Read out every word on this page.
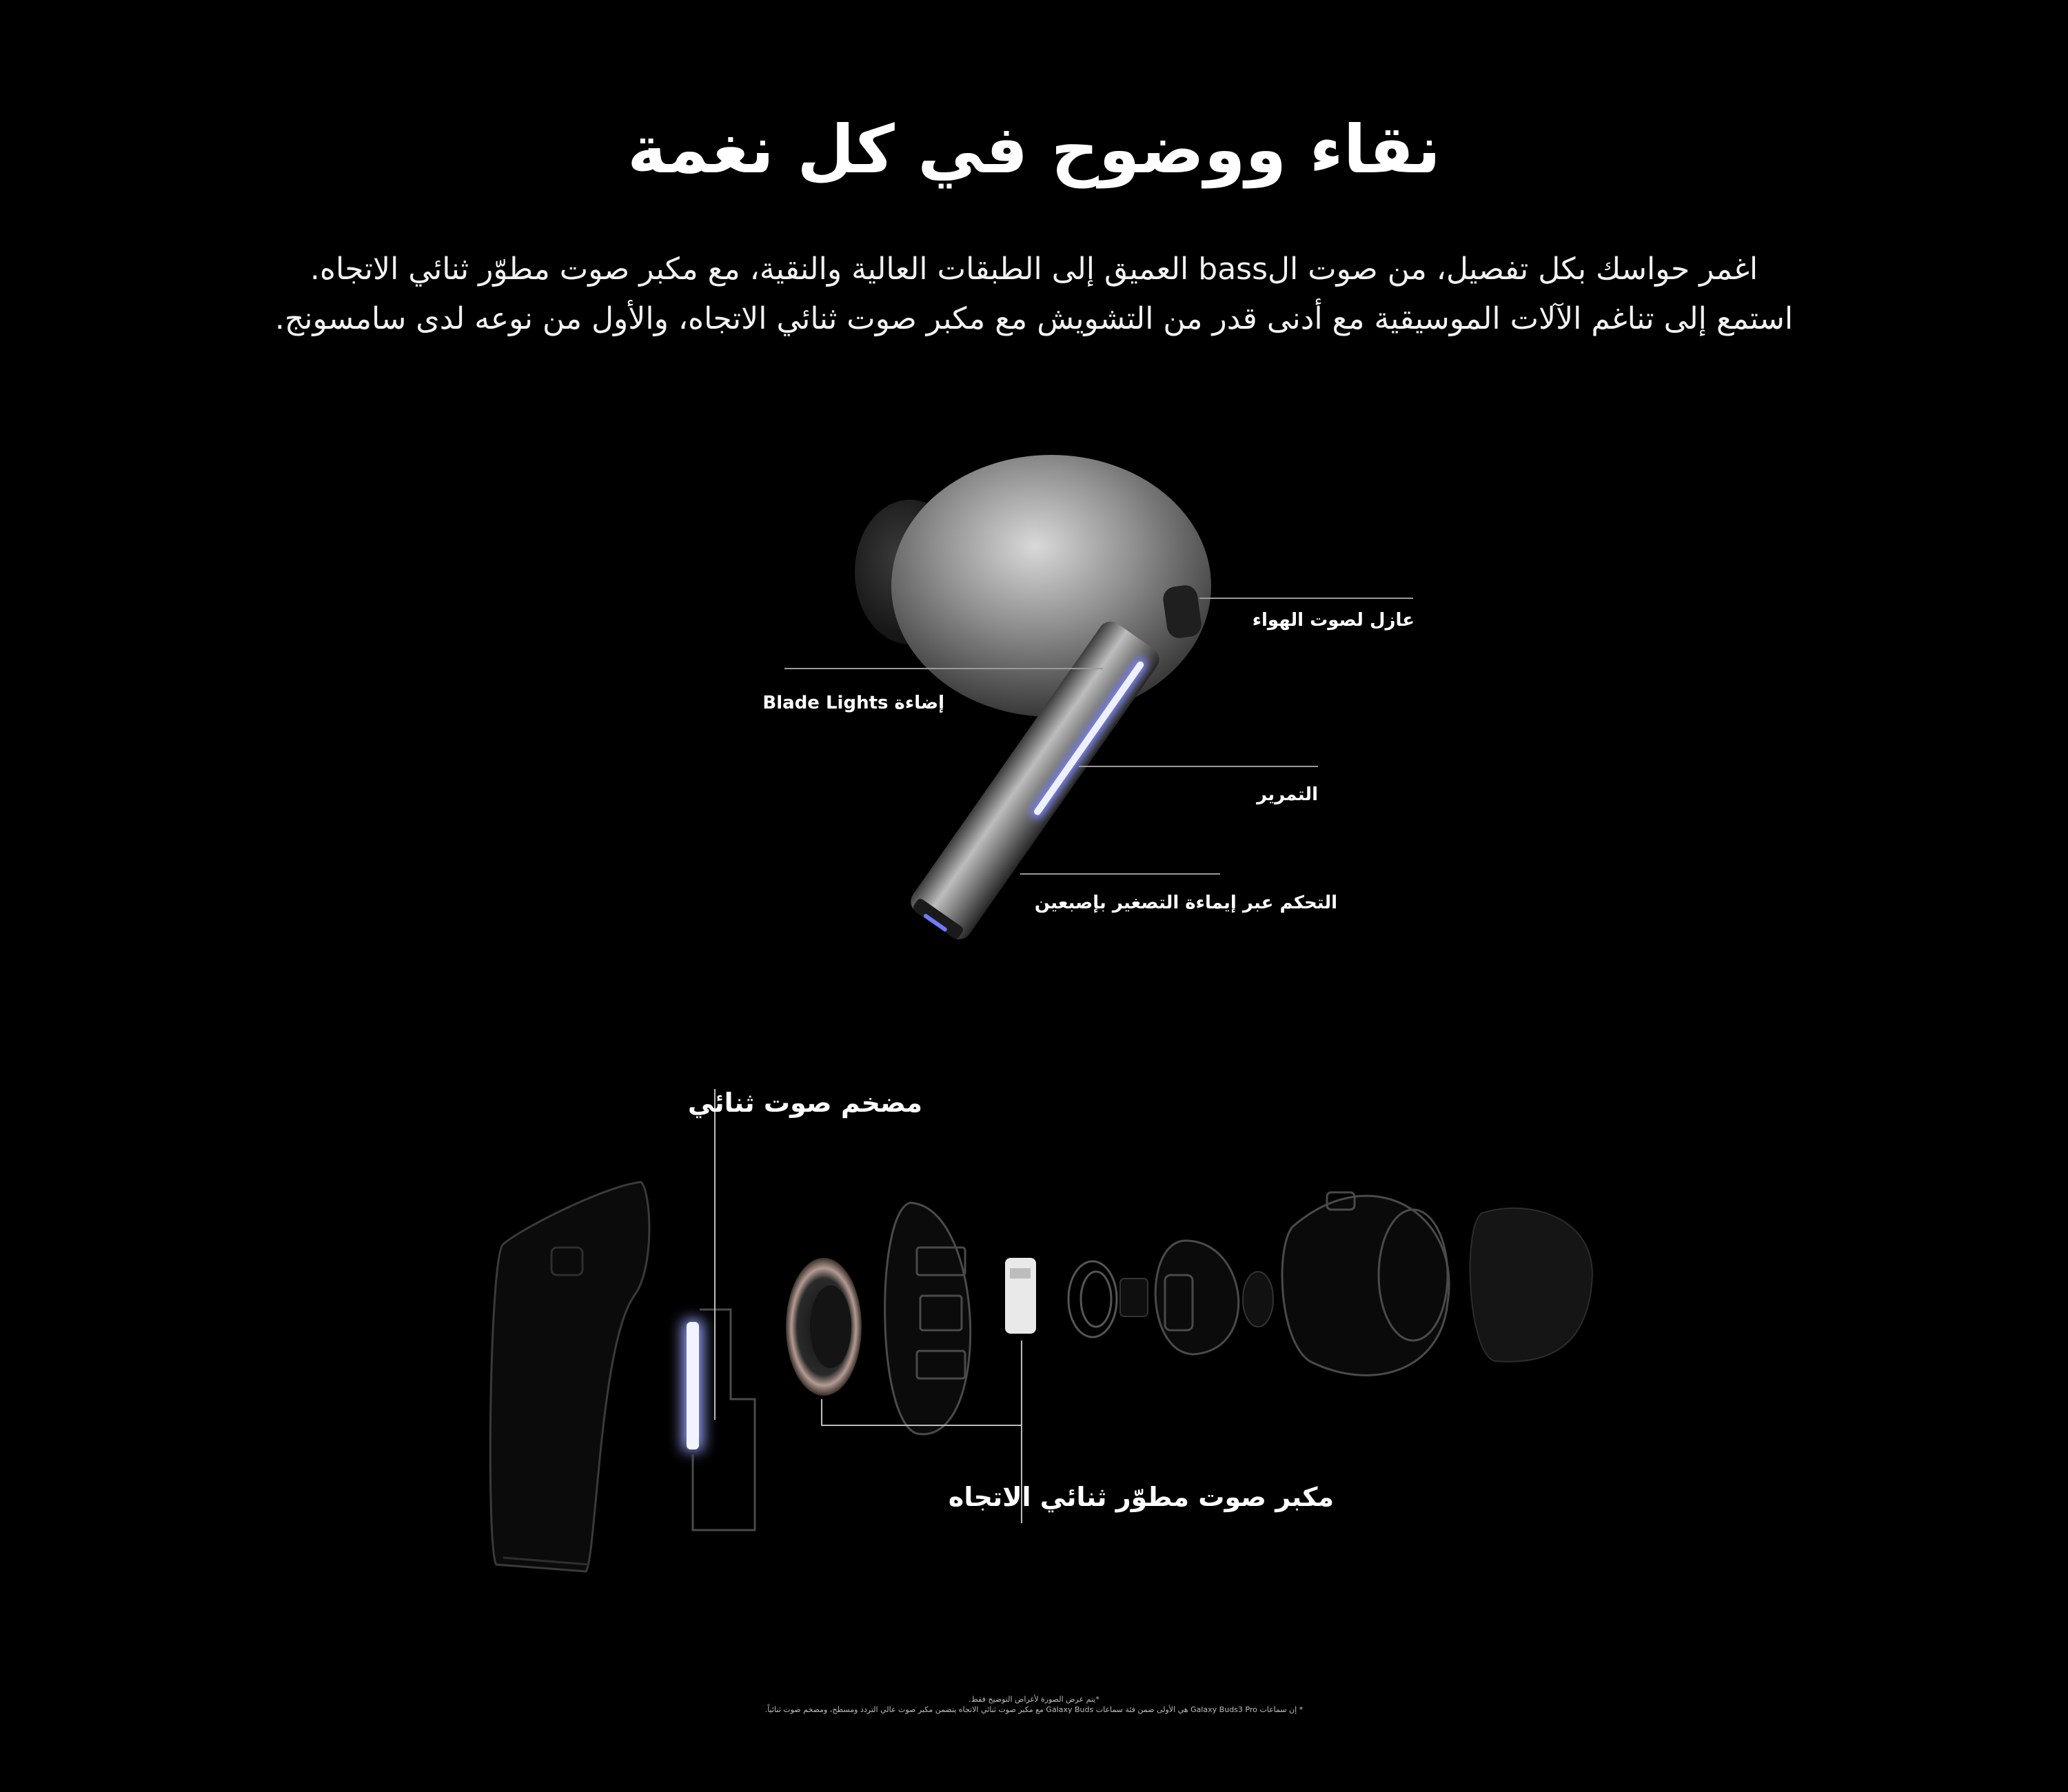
نقاء ووضوح في كل نغمة

اغمر حواسك بكل تفصيل، من صوت الbass العميق إلى الطبقات العالية والنقية، مع مكبر صوت مطوّر ثنائي الاتجاه.

استمع إلى تناغم الآلات الموسيقية مع أدنى قدر من التشويش مع مكبر صوت ثنائي الاتجاه، والأول من نوعه لدى سامسونج.

عازل لصوت الهواء
إضاءة Blade Lights
التمرير
التحكم عبر إيماءة التصغير بإصبعين
مضخم صوت ثنائي
مكبر صوت مطوّر ثنائي الاتجاه

*يتم عرض الصورة لأغراض التوضيح فقط.

* إن سماعات Galaxy Buds3 Pro هي الأولى ضمن فئة سماعات Galaxy Buds مع مكبر صوت ثنائي الاتجاه يتضمن مكبر صوت عالي التردد ومسطح، ومضخم صوت ثنائياً.
